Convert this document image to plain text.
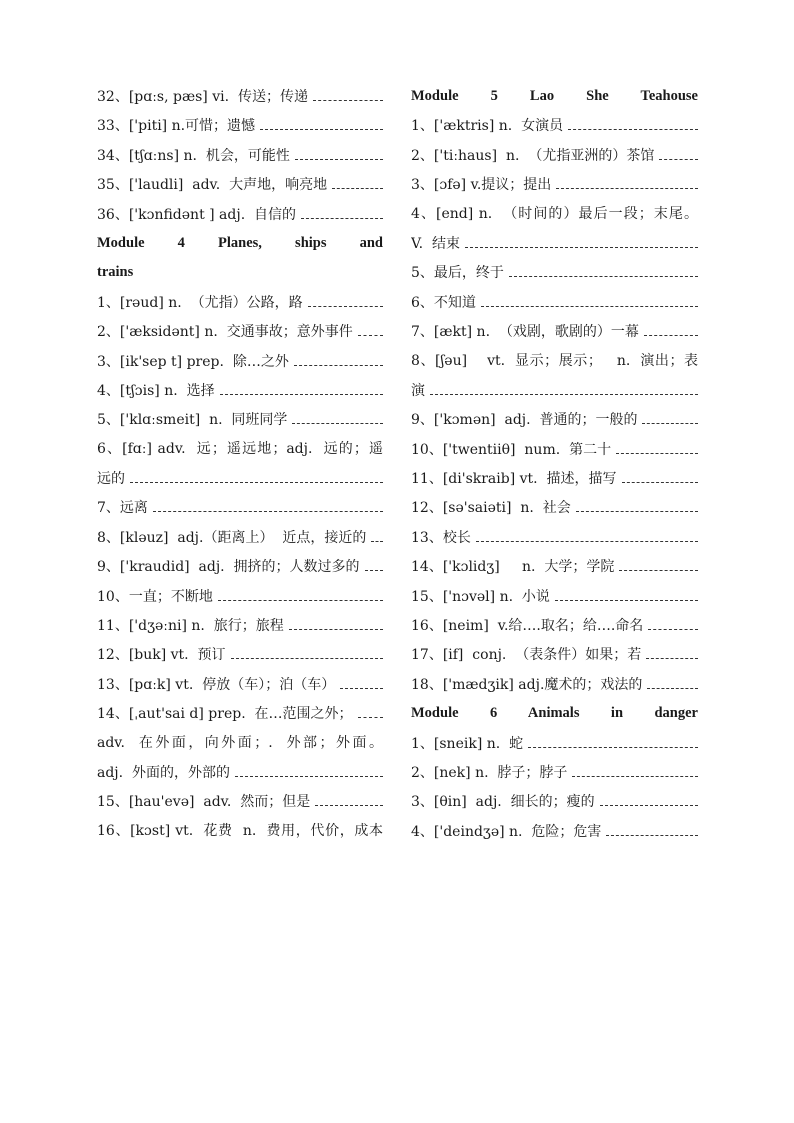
32、[pɑːs, pæs] vi.  传送；传递
33、['piti] n.可惜；遗憾
34、[tʃɑːns] n.  机会，可能性
35、['laudli]  adv.  大声地，响亮地
36、['kɔnfidənt ] adj.  自信的
Module   4   Planes,   ships   and
trains
1、[rəud] n.  （尤指）公路，路
2、['æksidənt] n.  交通事故；意外事件
3、[ik'sep t] prep.  除…之外
4、[tʃɔis] n.  选择
5、['klɑːsmeit]  n.  同班同学
6、[fɑː] adv.  远；遥远地；adj.  远的；遥
远的
7、远离
8、[kləuz]  adj.（距离上）  近点，接近的
9、['kraudid]  adj.  拥挤的；人数过多的
10、一直；不断地
11、['dʒəːni] n.  旅行；旅程
12、[buk] vt.  预订
13、[pɑːk] vt.  停放（车）；泊（车）
14、[ˌaut'sai d] prep.  在…范围之外；
adv.  在外面，向外面；.  外部；外面。
adj.  外面的，外部的
15、[hau'evə]  adv.  然而；但是
16、[kɔst] vt.  花费  n.  费用，代价，成本
Module   5   Lao   She   Teahouse
1、['æktris] n.  女演员
2、['tiːhaus]  n.  （尤指亚洲的）茶馆
3、[ɔfə] v.提议；提出
4、[end] n.  （时间的）最后一段；末尾。
V.  结束
5、最后，终于
6、不知道
7、[ækt] n.  （戏剧，歌剧的）一幕
8、[ʃəu]    vt.  显示；展示；   n.  演出；表
演
9、['kɔmən]  adj.  普通的；一般的
10、['twentiiθ]  num.  第二十
11、[di'skraib] vt.  描述，描写
12、[sə'saiəti]  n.  社会
13、校长
14、['kɔlidʒ]     n.  大学；学院
15、['nɔvəl] n.  小说
16、[neim]  v.给….取名；给….命名
17、[if]  conj.  （表条件）如果；若
18、['mædʒik] adj.魔术的；戏法的
Module   6   Animals   in   danger
1、[sneik] n.  蛇
2、[nek] n.  脖子；脖子
3、[θin]  adj.  细长的；瘦的
4、['deindʒə] n.  危险；危害
